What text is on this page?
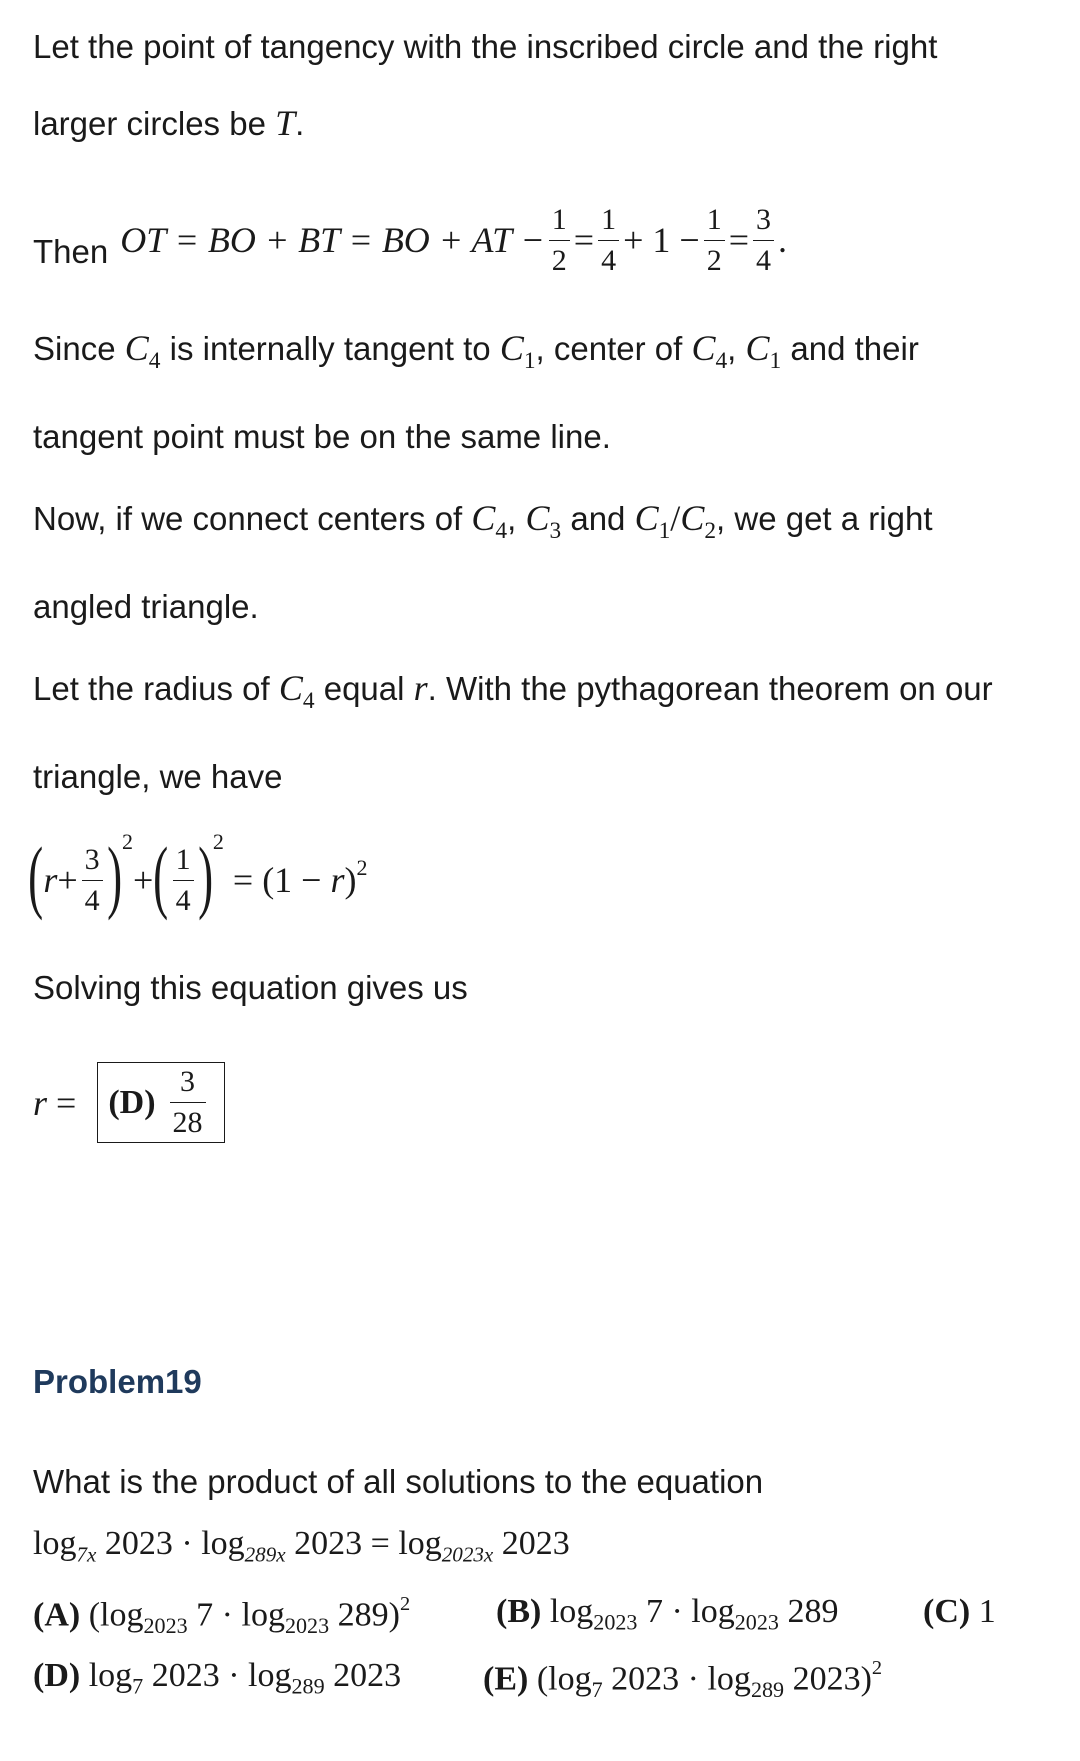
Let the point of tangency with the inscribed circle and the right
larger circles be T.
Then OT = BO + BT = BO + AT − $\frac{1}{2} = \frac{1}{4} + 1 - \frac{1}{2} = \frac{3}{4}$ .
Since $C_4$ is internally tangent to $C_1$, center of $C_4$, $C_1$ and their
tangent point must be on the same line.
Now, if we connect centers of $C_4$, $C_3$ and $C_1/C_2$, we get a right
angled triangle.
Let the radius of $C_4$ equal r. With the pythagorean theorem on our
triangle, we have
( $r + \frac{3}{4}$ ) 2
+ ( $\frac{1}{4}$ ) 2
= (1 − r ) 2
Solving this equation gives us
$r = (D) \frac{3}{28}$
Problem19
What is the product of all solutions to the equation
$\log_{7x} 2023 \cdot \log_{289x} 2023 = \log_{2023x} 2023$
(A) ($\log_{2023}$ $7 \cdot \log_{2023} 289)^2$	(B) $\log_{2023} 7 \cdot \log_{2023} 289$ (C) 1
(D) $\log_7 2023 \cdot \log_{289} 2023$ (E) ($\log_7$ $2023 \cdot \log_{289} 2023)^2$
